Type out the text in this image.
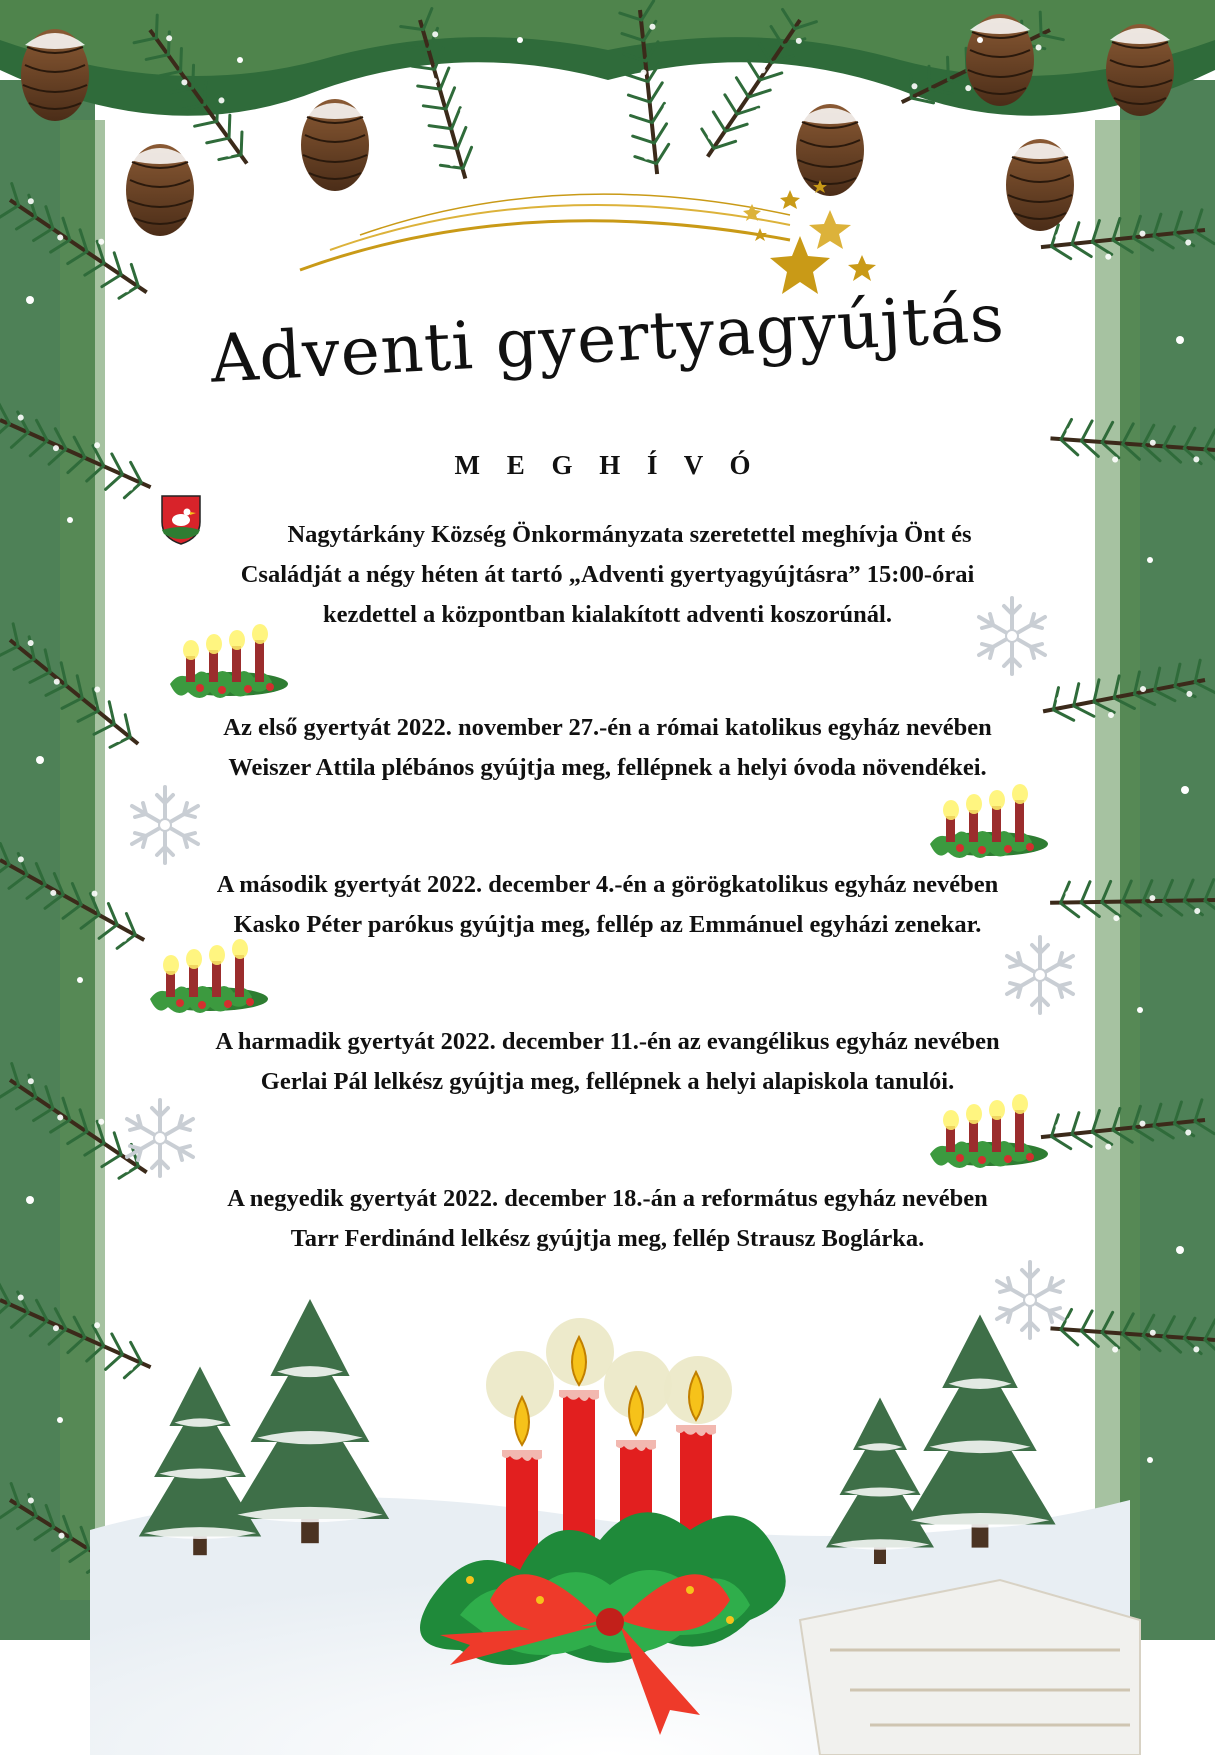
Adventi gyertyagyújtás
M E G H Í V Ó
Nagytárkány Község Önkormányzata szeretettel meghívja Önt és
Családját a négy héten át tartó „Adventi gyertyagyújtásra” 15:00-órai
kezdettel a központban kialakított adventi koszorúnál.
Az első gyertyát 2022. november 27.-én a római katolikus egyház nevében
Weiszer Attila plébános gyújtja meg, fellépnek a helyi óvoda növendékei.
A második gyertyát 2022. december 4.-én a görögkatolikus egyház nevében
Kasko Péter parókus gyújtja meg, fellép az Emmánuel egyházi zenekar.
A harmadik gyertyát 2022. december 11.-én az evangélikus egyház nevében
Gerlai Pál lelkész gyújtja meg, fellépnek a helyi alapiskola tanulói.
A negyedik gyertyát 2022. december 18.-án a református egyház nevében
Tarr Ferdinánd lelkész gyújtja meg, fellép Strausz Boglárka.
